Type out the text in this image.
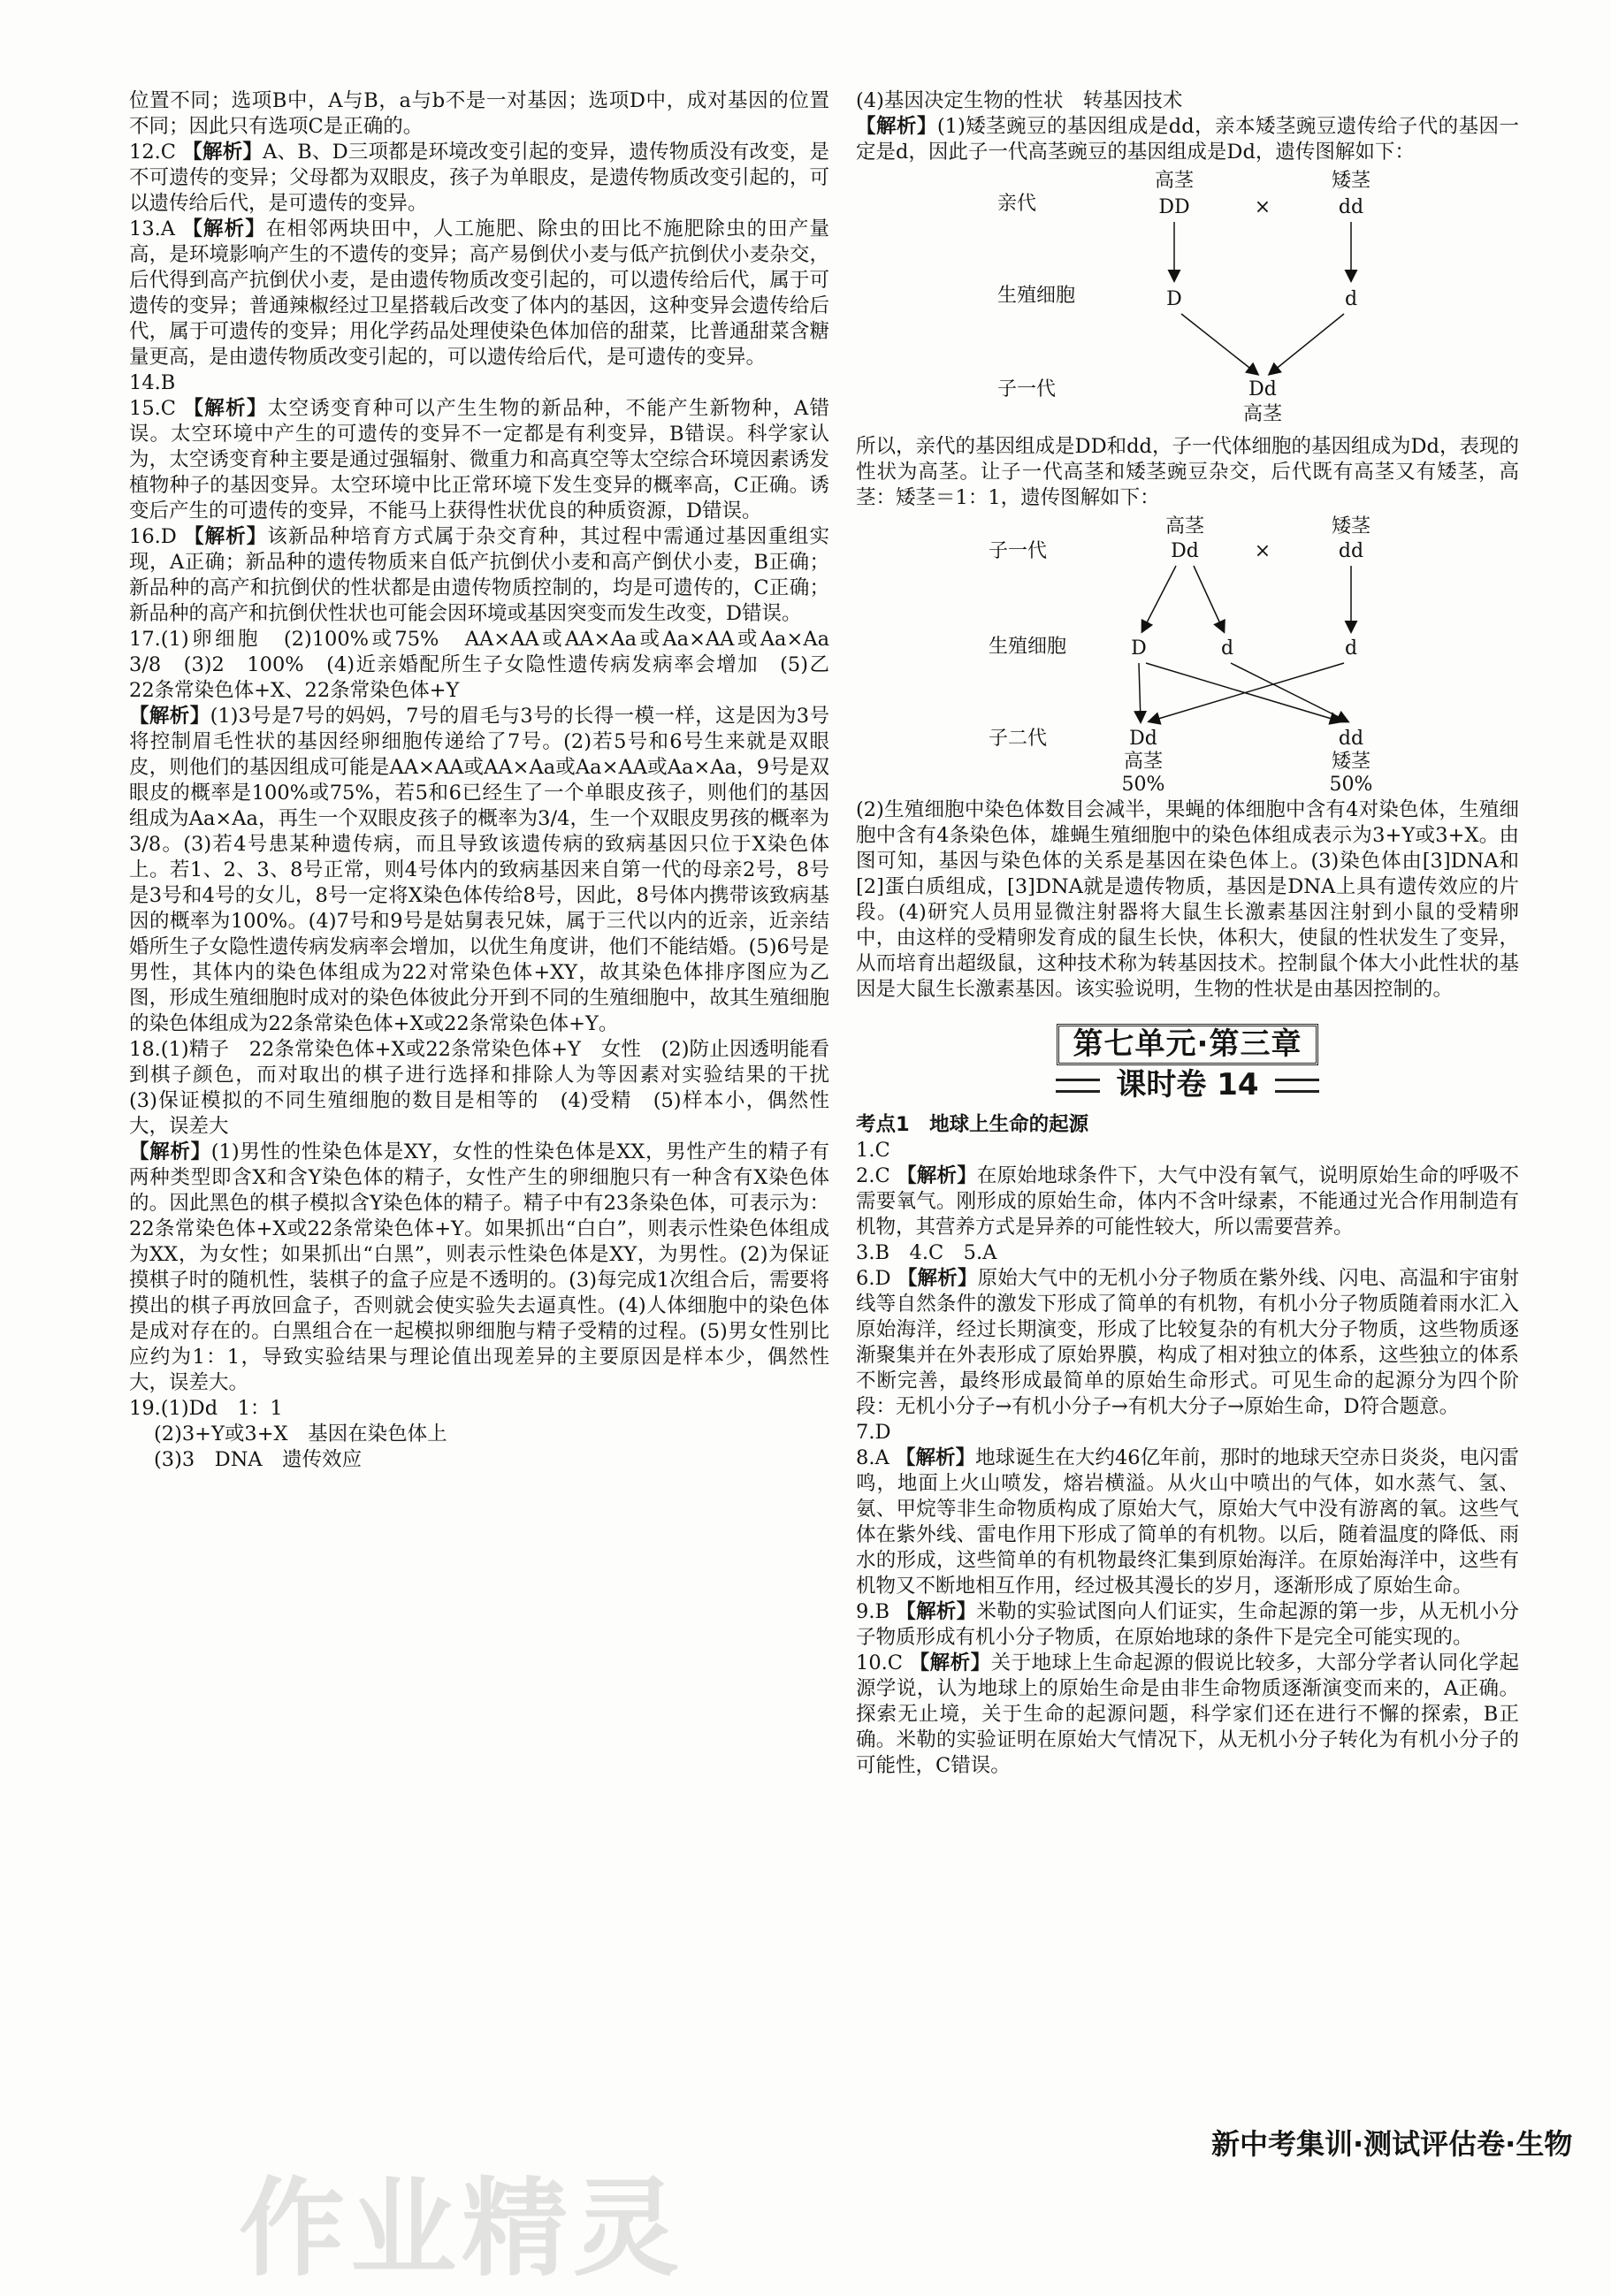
位置不同；选项B中，A与B，a与b不是一对基因；选项D中，成对基因的位置不同；因此只有选项C是正确的。

12.C 【解析】A、B、D三项都是环境改变引起的变异，遗传物质没有改变，是不可遗传的变异；父母都为双眼皮，孩子为单眼皮，是遗传物质改变引起的，可以遗传给后代，是可遗传的变异。

13.A 【解析】在相邻两块田中，人工施肥、除虫的田比不施肥除虫的田产量高，是环境影响产生的不遗传的变异；高产易倒伏小麦与低产抗倒伏小麦杂交，后代得到高产抗倒伏小麦，是由遗传物质改变引起的，可以遗传给后代，属于可遗传的变异；普通辣椒经过卫星搭载后改变了体内的基因，这种变异会遗传给后代，属于可遗传的变异；用化学药品处理使染色体加倍的甜菜，比普通甜菜含糖量更高，是由遗传物质改变引起的，可以遗传给后代，是可遗传的变异。

14.B

15.C 【解析】太空诱变育种可以产生生物的新品种，不能产生新物种，A错误。太空环境中产生的可遗传的变异不一定都是有利变异，B错误。科学家认为，太空诱变育种主要是通过强辐射、微重力和高真空等太空综合环境因素诱发植物种子的基因变异。太空环境中比正常环境下发生变异的概率高，C正确。诱变后产生的可遗传的变异，不能马上获得性状优良的种质资源，D错误。

16.D 【解析】该新品种培育方式属于杂交育种，其过程中需通过基因重组实现，A正确；新品种的遗传物质来自低产抗倒伏小麦和高产倒伏小麦，B正确；新品种的高产和抗倒伏的性状都是由遗传物质控制的，均是可遗传的，C正确；新品种的高产和抗倒伏性状也可能会因环境或基因突变而发生改变，D错误。

17.(1)卵细胞　(2)100%或75%　AA×AA或AA×Aa或Aa×AA或Aa×Aa　3/8　(3)2　100%　(4)近亲婚配所生子女隐性遗传病发病率会增加　(5)乙　22条常染色体+X、22条常染色体+Y

【解析】(1)3号是7号的妈妈，7号的眉毛与3号的长得一模一样，这是因为3号将控制眉毛性状的基因经卵细胞传递给了7号。(2)若5号和6号生来就是双眼皮，则他们的基因组成可能是AA×AA或AA×Aa或Aa×AA或Aa×Aa，9号是双眼皮的概率是100%或75%，若5和6已经生了一个单眼皮孩子，则他们的基因组成为Aa×Aa，再生一个双眼皮孩子的概率为3/4，生一个双眼皮男孩的概率为3/8。(3)若4号患某种遗传病，而且导致该遗传病的致病基因只位于X染色体上。若1、2、3、8号正常，则4号体内的致病基因来自第一代的母亲2号，8号是3号和4号的女儿，8号一定将X染色体传给8号，因此，8号体内携带该致病基因的概率为100%。(4)7号和9号是姑舅表兄妹，属于三代以内的近亲，近亲结婚所生子女隐性遗传病发病率会增加，以优生角度讲，他们不能结婚。(5)6号是男性，其体内的染色体组成为22对常染色体+XY，故其染色体排序图应为乙图，形成生殖细胞时成对的染色体彼此分开到不同的生殖细胞中，故其生殖细胞的染色体组成为22条常染色体+X或22条常染色体+Y。

18.(1)精子　22条常染色体+X或22条常染色体+Y　女性　(2)防止因透明能看到棋子颜色，而对取出的棋子进行选择和排除人为等因素对实验结果的干扰　(3)保证模拟的不同生殖细胞的数目是相等的　(4)受精　(5)样本小，偶然性大，误差大

【解析】(1)男性的性染色体是XY，女性的性染色体是XX，男性产生的精子有两种类型即含X和含Y染色体的精子，女性产生的卵细胞只有一种含有X染色体的。因此黑色的棋子模拟含Y染色体的精子。精子中有23条染色体，可表示为：22条常染色体+X或22条常染色体+Y。如果抓出“白白”，则表示性染色体组成为XX，为女性；如果抓出“白黑”，则表示性染色体是XY，为男性。(2)为保证摸棋子时的随机性，装棋子的盒子应是不透明的。(3)每完成1次组合后，需要将摸出的棋子再放回盒子，否则就会使实验失去逼真性。(4)人体细胞中的染色体是成对存在的。白黑组合在一起模拟卵细胞与精子受精的过程。(5)男女性别比应约为1：1，导致实验结果与理论值出现差异的主要原因是样本少，偶然性大，误差大。

19.(1)Dd　1：1

(2)3+Y或3+X　基因在染色体上

(3)3　DNA　遗传效应

(4)基因决定生物的性状　转基因技术

【解析】(1)矮茎豌豆的基因组成是dd，亲本矮茎豌豆遗传给子代的基因一定是d，因此子一代高茎豌豆的基因组成是Dd，遗传图解如下：

亲代
生殖细胞
子一代
高茎
DD	×
矮茎
dd
D	d
Dd
高茎

所以，亲代的基因组成是DD和dd，子一代体细胞的基因组成为Dd，表现的性状为高茎。让子一代高茎和矮茎豌豆杂交，后代既有高茎又有矮茎，高茎：矮茎＝1：1，遗传图解如下：

子一代
生殖细胞
子二代
高茎
Dd	×
矮茎
dd
D	d	d
Dd
高茎
50%
dd
矮茎
50%

(2)生殖细胞中染色体数目会减半，果蝇的体细胞中含有4对染色体，生殖细胞中含有4条染色体，雄蝇生殖细胞中的染色体组成表示为3+Y或3+X。由图可知，基因与染色体的关系是基因在染色体上。(3)染色体由[3]DNA和[2]蛋白质组成，[3]DNA就是遗传物质，基因是DNA上具有遗传效应的片段。(4)研究人员用显微注射器将大鼠生长激素基因注射到小鼠的受精卵中，由这样的受精卵发育成的鼠生长快，体积大，使鼠的性状发生了变异，从而培育出超级鼠，这种技术称为转基因技术。控制鼠个体大小此性状的基因是大鼠生长激素基因。该实验说明，生物的性状是由基因控制的。

第七单元·第三章
课时卷 14

考点1　地球上生命的起源

1.C

2.C 【解析】在原始地球条件下，大气中没有氧气，说明原始生命的呼吸不需要氧气。刚形成的原始生命，体内不含叶绿素，不能通过光合作用制造有机物，其营养方式是异养的可能性较大，所以需要营养。

3.B　4.C　5.A

6.D 【解析】原始大气中的无机小分子物质在紫外线、闪电、高温和宇宙射线等自然条件的激发下形成了简单的有机物，有机小分子物质随着雨水汇入原始海洋，经过长期演变，形成了比较复杂的有机大分子物质，这些物质逐渐聚集并在外表形成了原始界膜，构成了相对独立的体系，这些独立的体系不断完善，最终形成最简单的原始生命形式。可见生命的起源分为四个阶段：无机小分子→有机小分子→有机大分子→原始生命，D符合题意。

7.D

8.A 【解析】地球诞生在大约46亿年前，那时的地球天空赤日炎炎，电闪雷鸣，地面上火山喷发，熔岩横溢。从火山中喷出的气体，如水蒸气、氢、氨、甲烷等非生命物质构成了原始大气，原始大气中没有游离的氧。这些气体在紫外线、雷电作用下形成了简单的有机物。以后，随着温度的降低、雨水的形成，这些简单的有机物最终汇集到原始海洋。在原始海洋中，这些有机物又不断地相互作用，经过极其漫长的岁月，逐渐形成了原始生命。

9.B 【解析】米勒的实验试图向人们证实，生命起源的第一步，从无机小分子物质形成有机小分子物质，在原始地球的条件下是完全可能实现的。

10.C 【解析】关于地球上生命起源的假说比较多，大部分学者认同化学起源学说，认为地球上的原始生命是由非生命物质逐渐演变而来的，A正确。探索无止境，关于生命的起源问题，科学家们还在进行不懈的探索，B正确。米勒的实验证明在原始大气情况下，从无机小分子转化为有机小分子的可能性，C错误。

作业精灵
新中考集训·测试评估卷·生物
